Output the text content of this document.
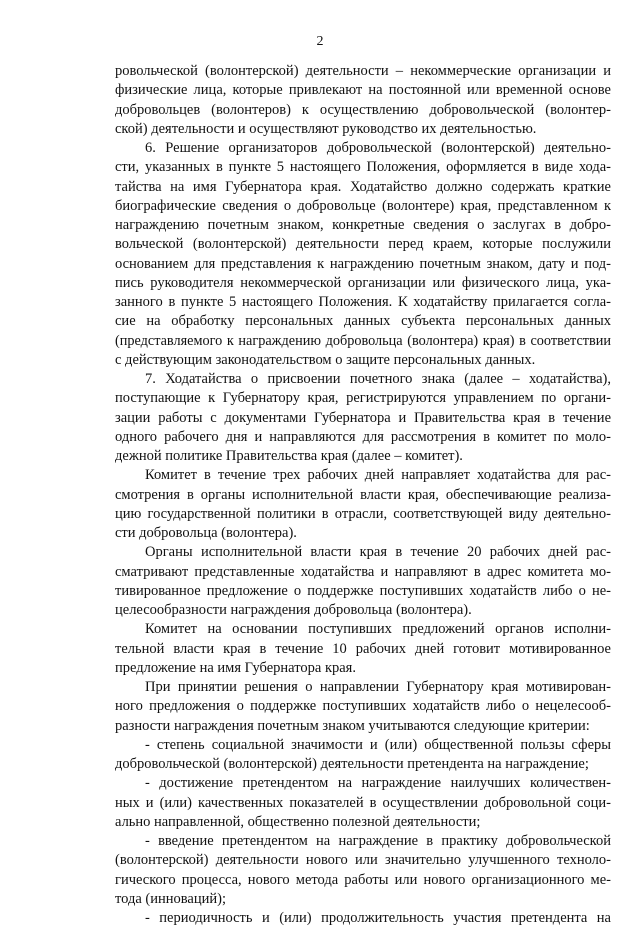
2
ровольческой (волонтерской) деятельности – некоммерческие организации и
физические лица, которые привлекают на постоянной или временной основе
добровольцев (волонтеров) к осуществлению добровольческой (волонтер-
ской) деятельности и осуществляют руководство их деятельностью.
6. Решение организаторов добровольческой (волонтерской) деятельно-
сти, указанных в пункте 5 настоящего Положения, оформляется в виде хода-
тайства на имя Губернатора края. Ходатайство должно содержать краткие
биографические сведения о добровольце (волонтере) края, представленном к
награждению почетным знаком, конкретные сведения о заслугах в добро-
вольческой (волонтерской) деятельности перед краем, которые послужили
основанием для представления к награждению почетным знаком, дату и под-
пись руководителя некоммерческой организации или физического лица, ука-
занного в пункте 5 настоящего Положения. К ходатайству прилагается согла-
сие на обработку персональных данных субъекта персональных данных
(представляемого к награждению добровольца (волонтера) края) в соответствии
с действующим законодательством о защите персональных данных.
7. Ходатайства о присвоении почетного знака (далее – ходатайства),
поступающие к Губернатору края, регистрируются управлением по органи-
зации работы с документами Губернатора и Правительства края в течение
одного рабочего дня и направляются для рассмотрения в комитет по моло-
дежной политике Правительства края (далее – комитет).
Комитет в течение трех рабочих дней направляет ходатайства для рас-
смотрения в органы исполнительной власти края, обеспечивающие реализа-
цию государственной политики в отрасли, соответствующей виду деятельно-
сти добровольца (волонтера).
Органы исполнительной власти края в течение 20 рабочих дней рас-
сматривают представленные ходатайства и направляют в адрес комитета мо-
тивированное предложение о поддержке поступивших ходатайств либо о не-
целесообразности награждения добровольца (волонтера).
Комитет на основании поступивших предложений органов исполни-
тельной власти края в течение 10 рабочих дней готовит мотивированное
предложение на имя Губернатора края.
При принятии решения о направлении Губернатору края мотивирован-
ного предложения о поддержке поступивших ходатайств либо о нецелесооб-
разности награждения почетным знаком учитываются следующие критерии:
- степень социальной значимости и (или) общественной пользы сферы
добровольческой (волонтерской) деятельности претендента на награждение;
- достижение претендентом на награждение наилучших количествен-
ных и (или) качественных показателей в осуществлении добровольной соци-
ально направленной, общественно полезной деятельности;
- введение претендентом на награждение в практику добровольческой
(волонтерской) деятельности нового или значительно улучшенного техноло-
гического процесса, нового метода работы или нового организационного ме-
тода (инноваций);
- периодичность и (или) продолжительность участия претендента на
